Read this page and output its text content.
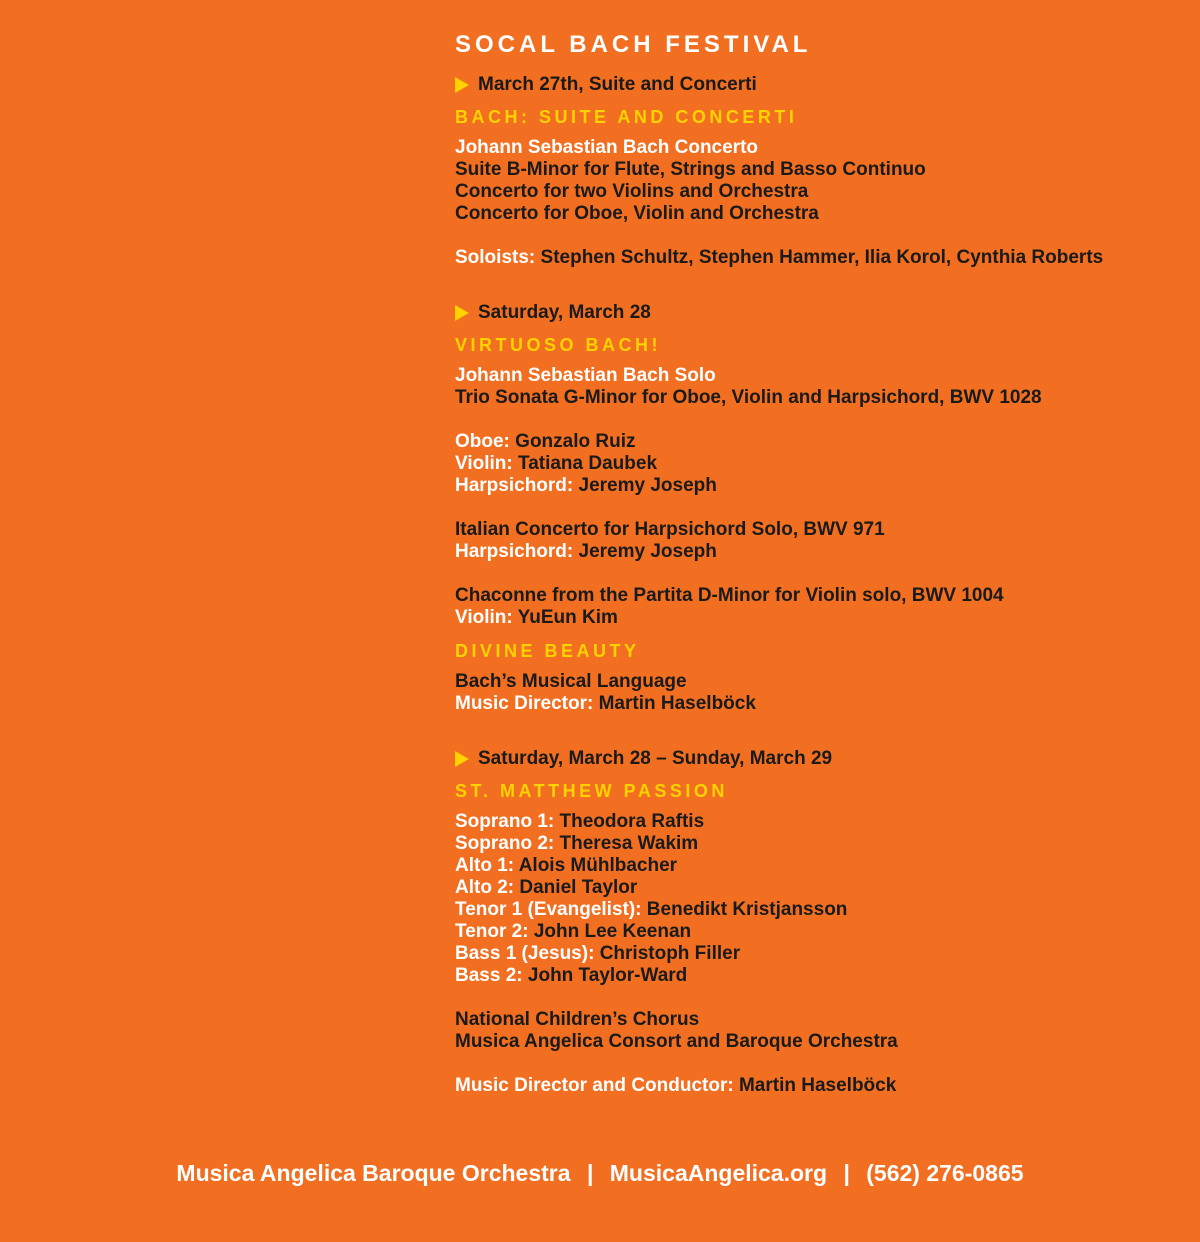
SOCAL BACH FESTIVAL
March 27th, Suite and Concerti
BACH: SUITE AND CONCERTI
Johann Sebastian Bach Concerto
Suite B-Minor for Flute, Strings and Basso Continuo
Concerto for two Violins and Orchestra
Concerto for Oboe, Violin and Orchestra
Soloists: Stephen Schultz, Stephen Hammer, Ilia Korol, Cynthia Roberts
Saturday, March 28
VIRTUOSO BACH!
Johann Sebastian Bach Solo
Trio Sonata G-Minor for Oboe, Violin and Harpsichord, BWV 1028
Oboe: Gonzalo Ruiz
Violin: Tatiana Daubek
Harpsichord: Jeremy Joseph
Italian Concerto for Harpsichord Solo, BWV 971
Harpsichord: Jeremy Joseph
Chaconne from the Partita D-Minor for Violin solo, BWV 1004
Violin: YuEun Kim
DIVINE BEAUTY
Bach’s Musical Language
Music Director: Martin Haselböck
Saturday, March 28 – Sunday, March 29
ST. MATTHEW PASSION
Soprano 1: Theodora Raftis
Soprano 2: Theresa Wakim
Alto 1: Alois Mühlbacher
Alto 2: Daniel Taylor
Tenor 1 (Evangelist): Benedikt Kristjansson
Tenor 2: John Lee Keenan
Bass 1 (Jesus): Christoph Filler
Bass 2: John Taylor-Ward
National Children’s Chorus
Musica Angelica Consort and Baroque Orchestra
Music Director and Conductor: Martin Haselböck
Musica Angelica Baroque Orchestra | MusicaAngelica.org | (562) 276-0865
